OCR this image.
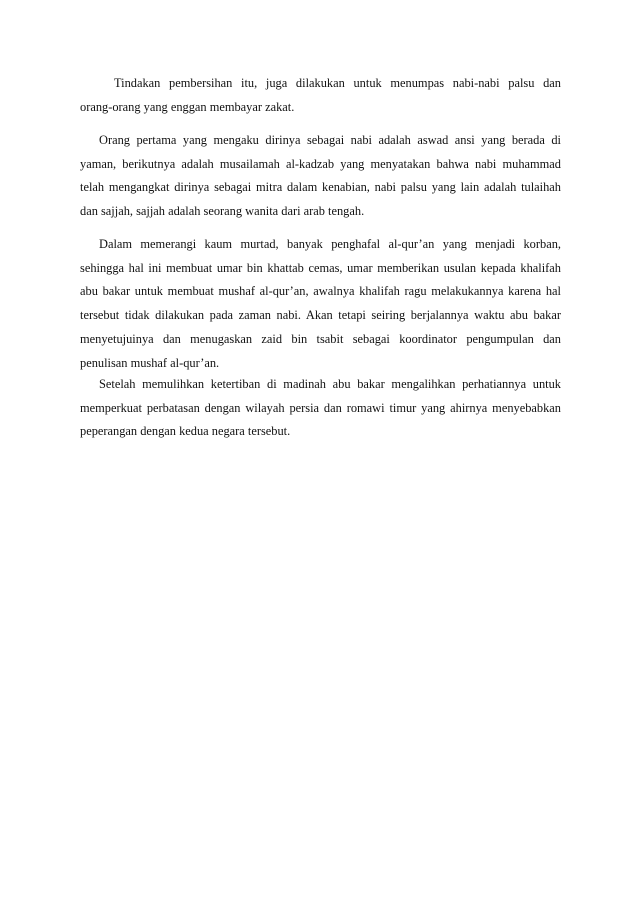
Tindakan pembersihan itu, juga dilakukan untuk menumpas nabi-nabi palsu dan
orang-orang yang enggan membayar zakat.

Orang pertama yang mengaku dirinya sebagai nabi adalah aswad ansi yang berada di
yaman, berikutnya adalah musailamah al-kadzab yang menyatakan bahwa nabi muhammad
telah mengangkat dirinya sebagai mitra dalam kenabian, nabi palsu yang lain adalah tulaihah
dan sajjah, sajjah adalah seorang wanita dari arab tengah.

Dalam memerangi kaum murtad, banyak penghafal al-qur’an yang menjadi korban,
sehingga hal ini membuat umar bin khattab cemas, umar memberikan usulan kepada khalifah
abu bakar untuk membuat mushaf al-qur’an, awalnya khalifah ragu melakukannya karena hal
tersebut tidak dilakukan pada zaman nabi. Akan tetapi seiring berjalannya waktu abu bakar
menyetujuinya dan menugaskan zaid bin tsabit sebagai koordinator pengumpulan dan
penulisan mushaf al-qur’an.

Setelah memulihkan ketertiban di madinah abu bakar mengalihkan perhatiannya untuk
memperkuat perbatasan dengan wilayah persia dan romawi timur yang ahirnya menyebabkan
peperangan dengan kedua negara tersebut.
